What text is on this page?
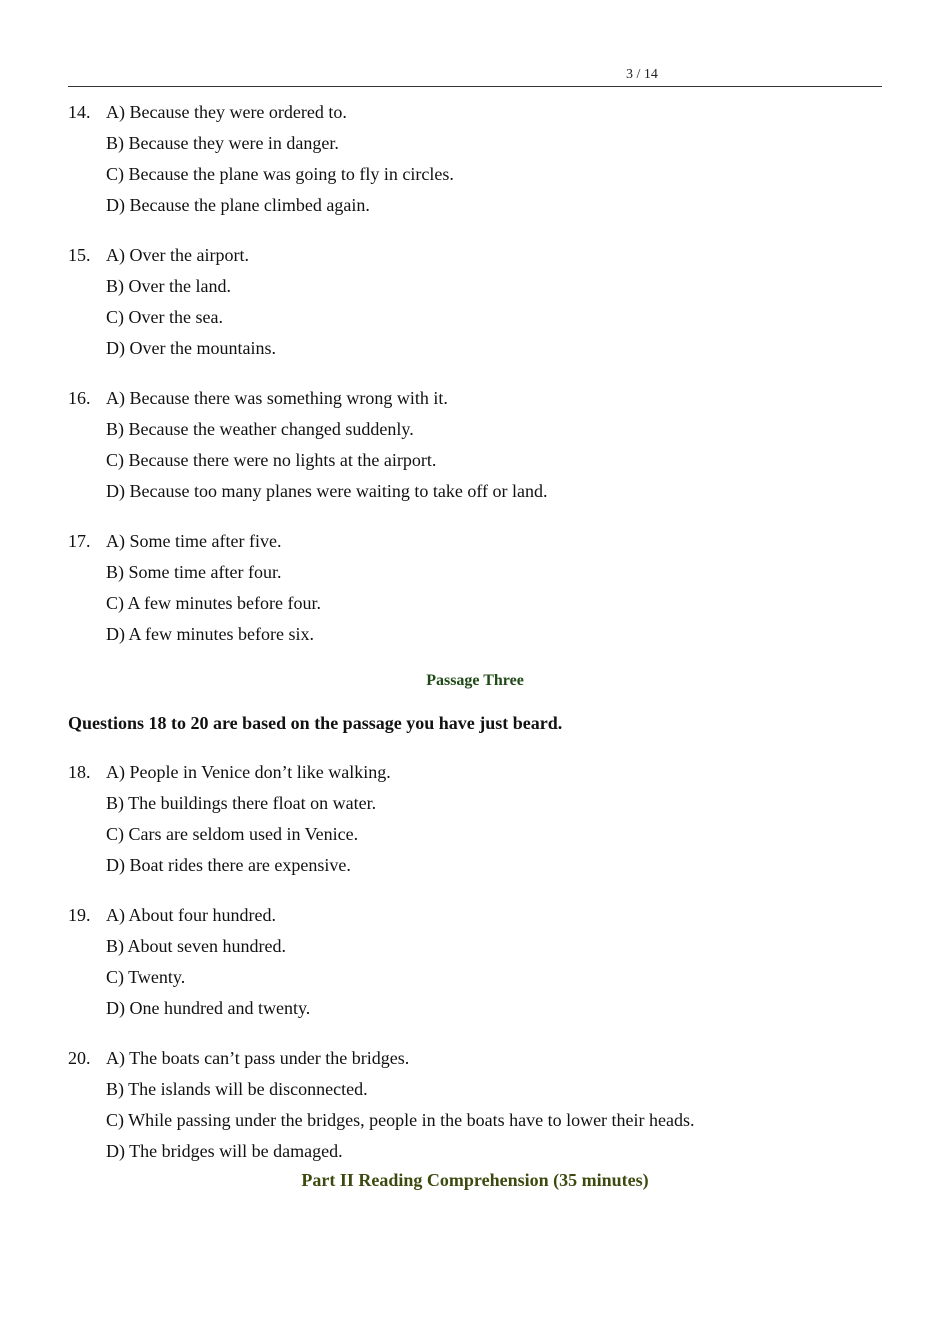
3 / 14
14. A) Because they were ordered to.
B) Because they were in danger.
C) Because the plane was going to fly in circles.
D) Because the plane climbed again.
15. A) Over the airport.
B) Over the land.
C) Over the sea.
D) Over the mountains.
16. A) Because there was something wrong with it.
B) Because the weather changed suddenly.
C) Because there were no lights at the airport.
D) Because too many planes were waiting to take off or land.
17. A) Some time after five.
B) Some time after four.
C) A few minutes before four.
D) A few minutes before six.
Passage Three
Questions 18 to 20 are based on the passage you have just beard.
18. A) People in Venice don’t like walking.
B) The buildings there float on water.
C) Cars are seldom used in Venice.
D) Boat rides there are expensive.
19. A) About four hundred.
B) About seven hundred.
C) Twenty.
D) One hundred and twenty.
20. A) The boats can’t pass under the bridges.
B) The islands will be disconnected.
C) While passing under the bridges, people in the boats have to lower their heads.
D) The bridges will be damaged.
Part II Reading Comprehension (35 minutes)
